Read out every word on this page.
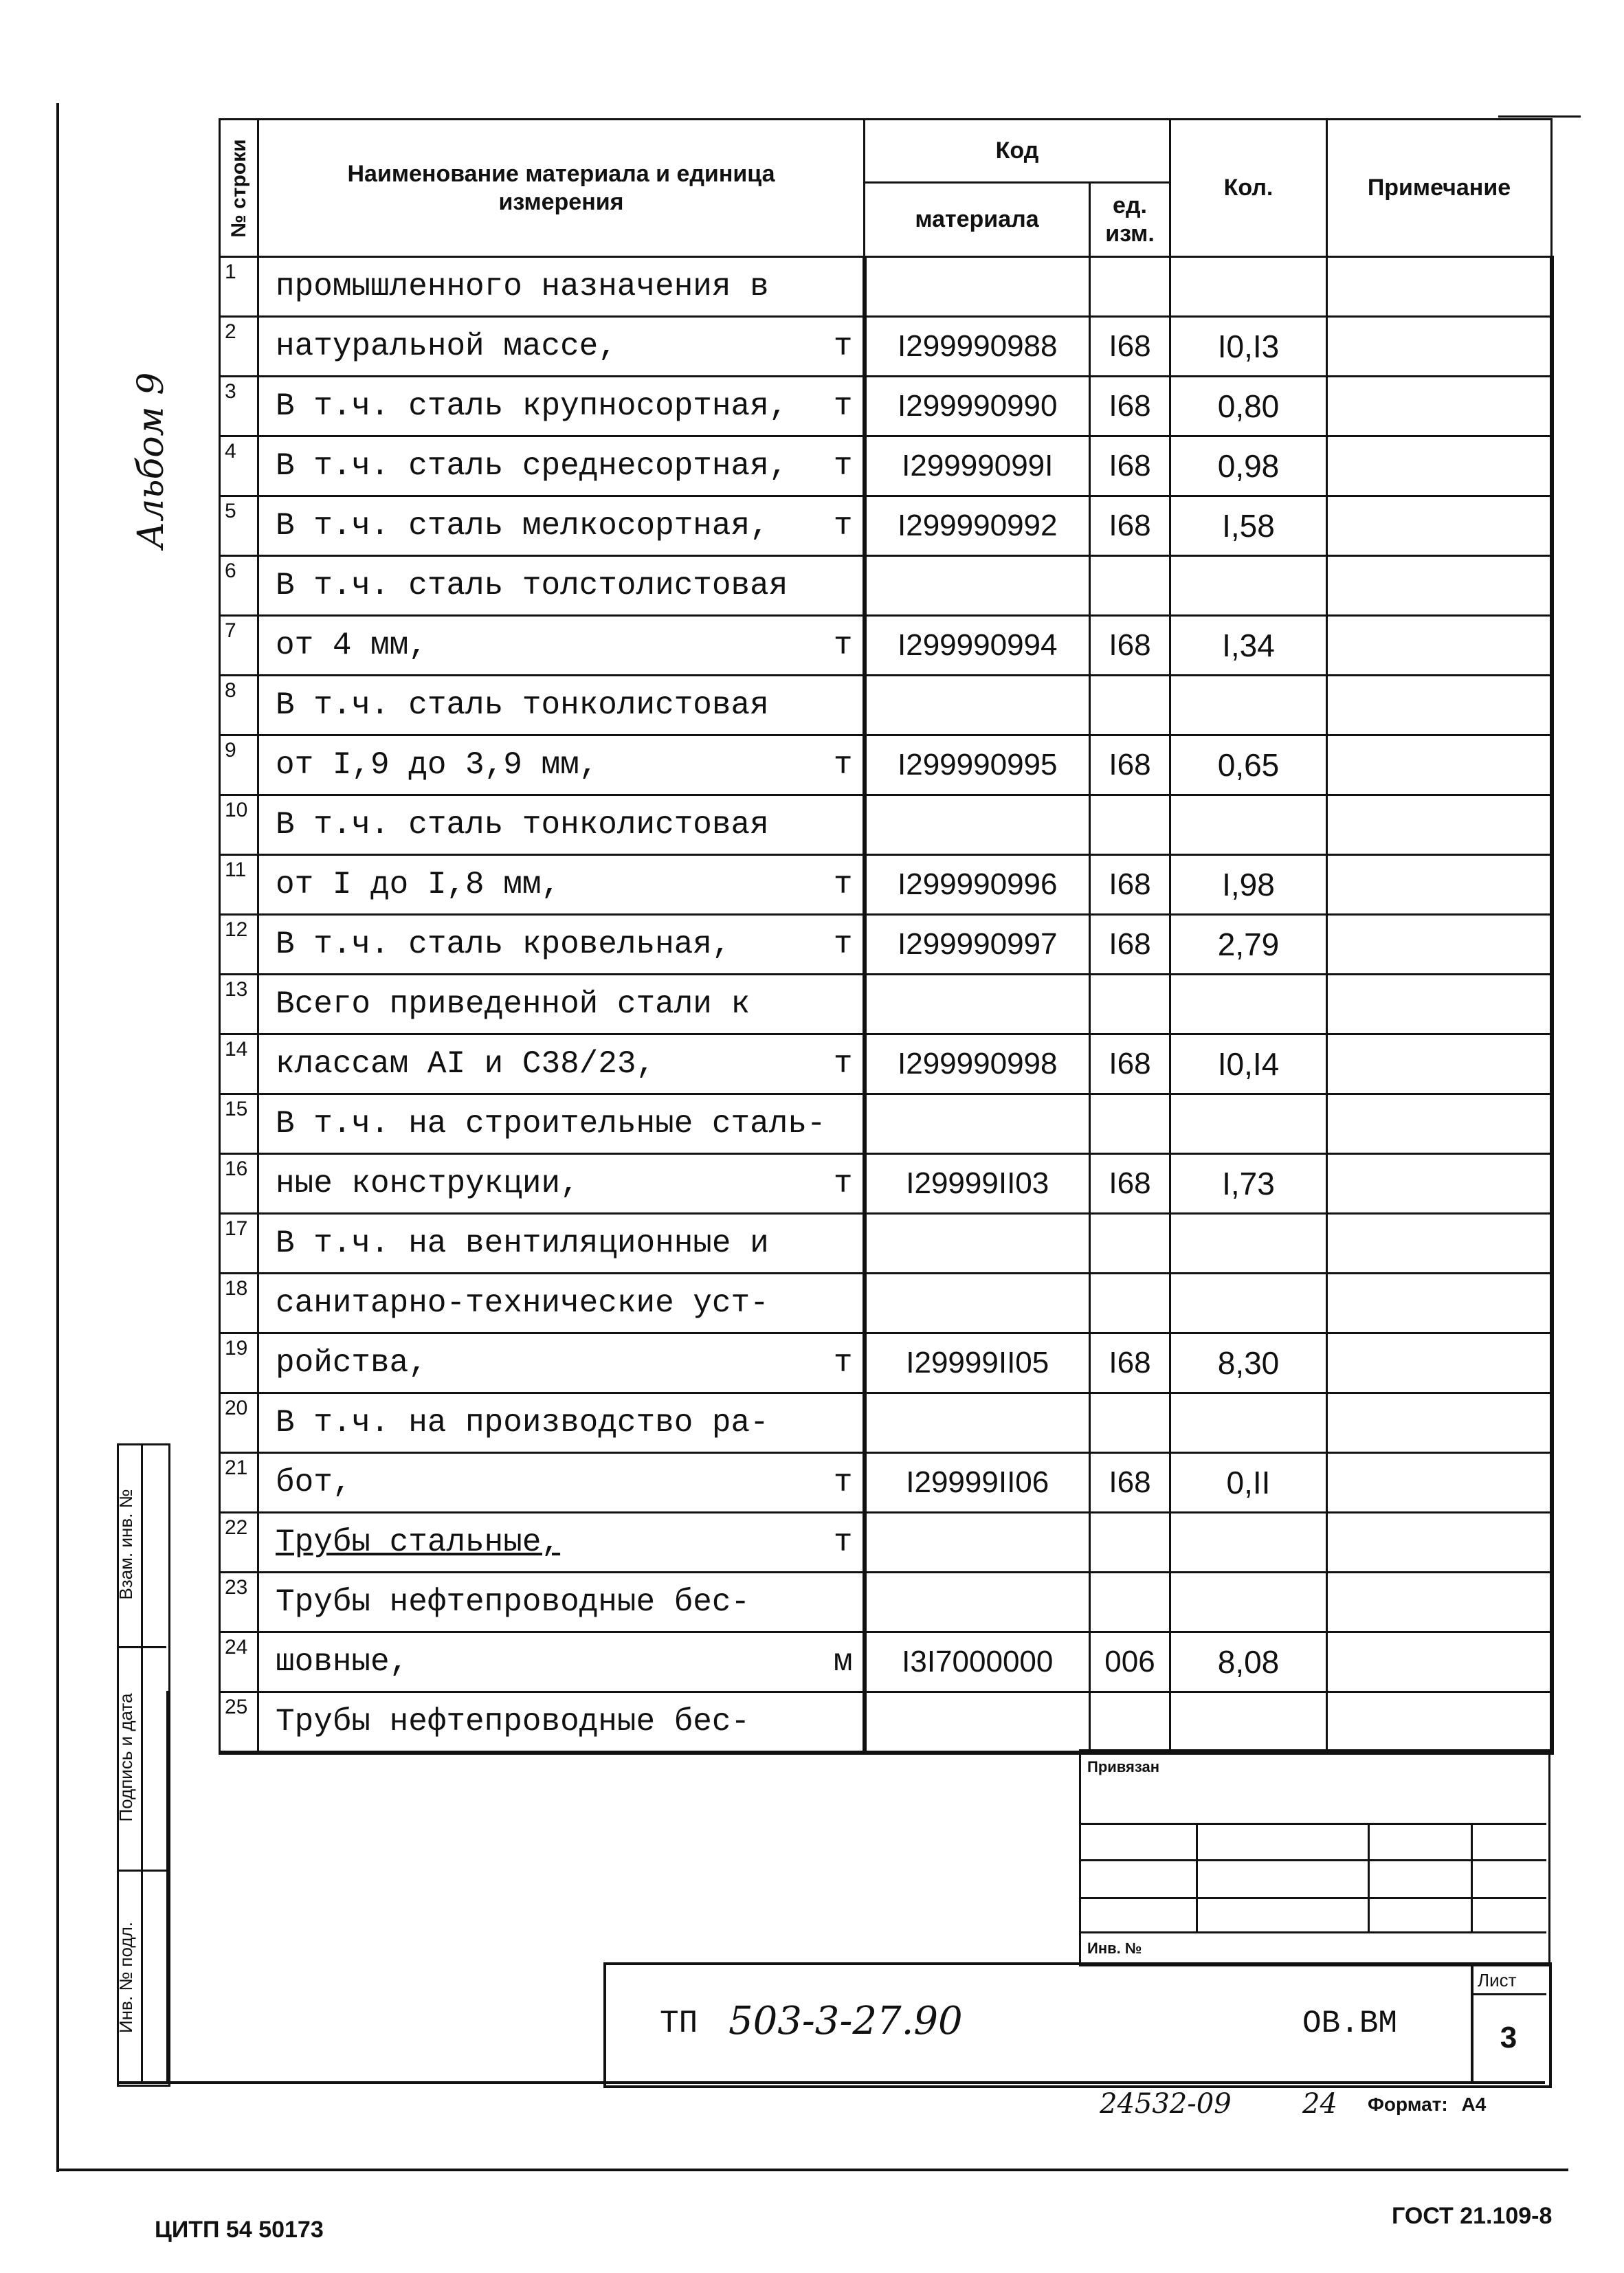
Альбом 9
№ строки	Наименование материала и единица измерения	Код		Кол.	Примечание
		материала	ед. изм.		
1	промышленного назначения в				

2	натуральной массе, т	I299990988	I68	I0,I3	
3	В т.ч. сталь крупносортная, т	I299990990	I68	0,80	
4	В т.ч. сталь среднесортная, т	I29999099I	I68	0,98	
5	В т.ч. сталь мелкосортная, т	I299990992	I68	I,58	
6	В т.ч. сталь толстолистовая				

7	от 4 мм, т	I299990994	I68	I,34	
8	В т.ч. сталь тонколистовая				

9	от I,9 до 3,9 мм, т	I299990995	I68	0,65	
10	В т.ч. сталь тонколистовая				

11	от I до I,8 мм, т	I299990996	I68	I,98	
12	В т.ч. сталь кровельная, т	I299990997	I68	2,79	
13	Всего приведенной стали к				

14	классам AI и C38/23, т	I299990998	I68	I0,I4	
15	В т.ч. на строительные сталь-				

16	ные конструкции, т	I29999II03	I68	I,73	
17	В т.ч. на вентиляционные и				

18	санитарно-технические уст-				

19	ройства, т	I29999II05	I68	8,30	
20	В т.ч. на производство ра-				

21	бот, т	I29999II06	I68	0,II	
22	Трубы стальные, т				

23	Трубы нефтепроводные бес-				

24	шовные, м	I3I7000000	006	8,08	
25	Трубы нефтепроводные бес-				

Взам. инв. №
Подпись и дата
Инв. № подл.
Привязан
Инв. №
ТП 503-3-27.90	ОВ.ВМ
Лист
3
24532-09	24 Формат: А4
ЦИТП 54 50173
ГОСТ 21.109-8
